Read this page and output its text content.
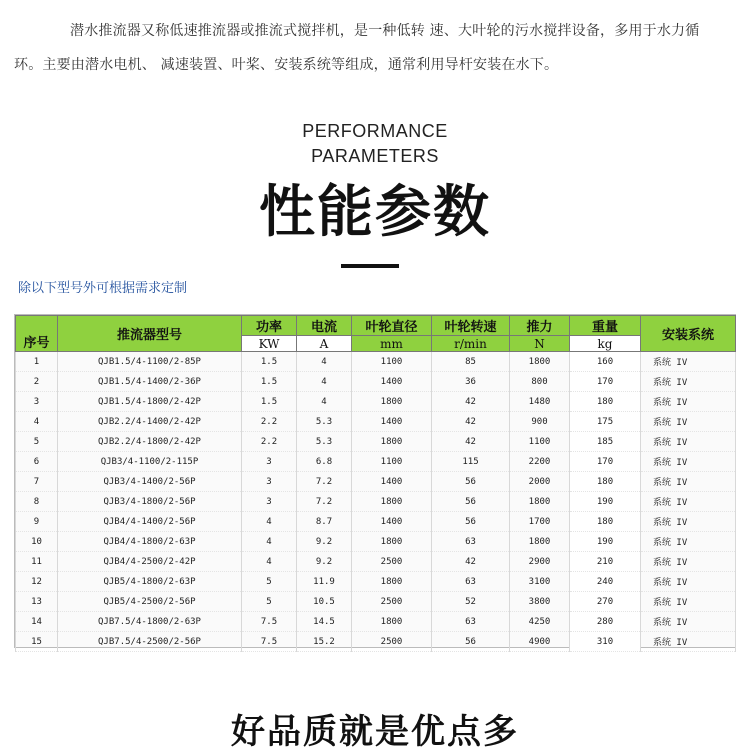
潜水推流器又称低速推流器或推流式搅拌机，是一种低转 速、大叶轮的污水搅拌设备，多用于水力循环。主要由潜水电机、 减速装置、叶桨、安装系统等组成，通常利用导杆安装在水下。
PERFORMANCE
PARAMETERS
性能参数
除以下型号外可根据需求定制
序号	推流器型号	功率	电流	叶轮直径	叶轮转速	推力	重量	安装系统
		KW	A	mm	r/min	N	kg	
1	QJB1.5/4-1100/2-85P	1.5	4	1100	85	1800	160	系统 IV
2	QJB1.5/4-1400/2-36P	1.5	4	1400	36	800	170	系统 IV
3	QJB1.5/4-1800/2-42P	1.5	4	1800	42	1480	180	系统 IV
4	QJB2.2/4-1400/2-42P	2.2	5.3	1400	42	900	175	系统 IV
5	QJB2.2/4-1800/2-42P	2.2	5.3	1800	42	1100	185	系统 IV
6	QJB3/4-1100/2-115P	3	6.8	1100	115	2200	170	系统 IV
7	QJB3/4-1400/2-56P	3	7.2	1400	56	2000	180	系统 IV
8	QJB3/4-1800/2-56P	3	7.2	1800	56	1800	190	系统 IV
9	QJB4/4-1400/2-56P	4	8.7	1400	56	1700	180	系统 IV
10	QJB4/4-1800/2-63P	4	9.2	1800	63	1800	190	系统 IV
11	QJB4/4-2500/2-42P	4	9.2	2500	42	2900	210	系统 IV
12	QJB5/4-1800/2-63P	5	11.9	1800	63	3100	240	系统 IV
13	QJB5/4-2500/2-56P	5	10.5	2500	52	3800	270	系统 IV
14	QJB7.5/4-1800/2-63P	7.5	14.5	1800	63	4250	280	系统 IV
15	QJB7.5/4-2500/2-56P	7.5	15.2	2500	56	4900	310	系统 IV
好品质就是优点多
